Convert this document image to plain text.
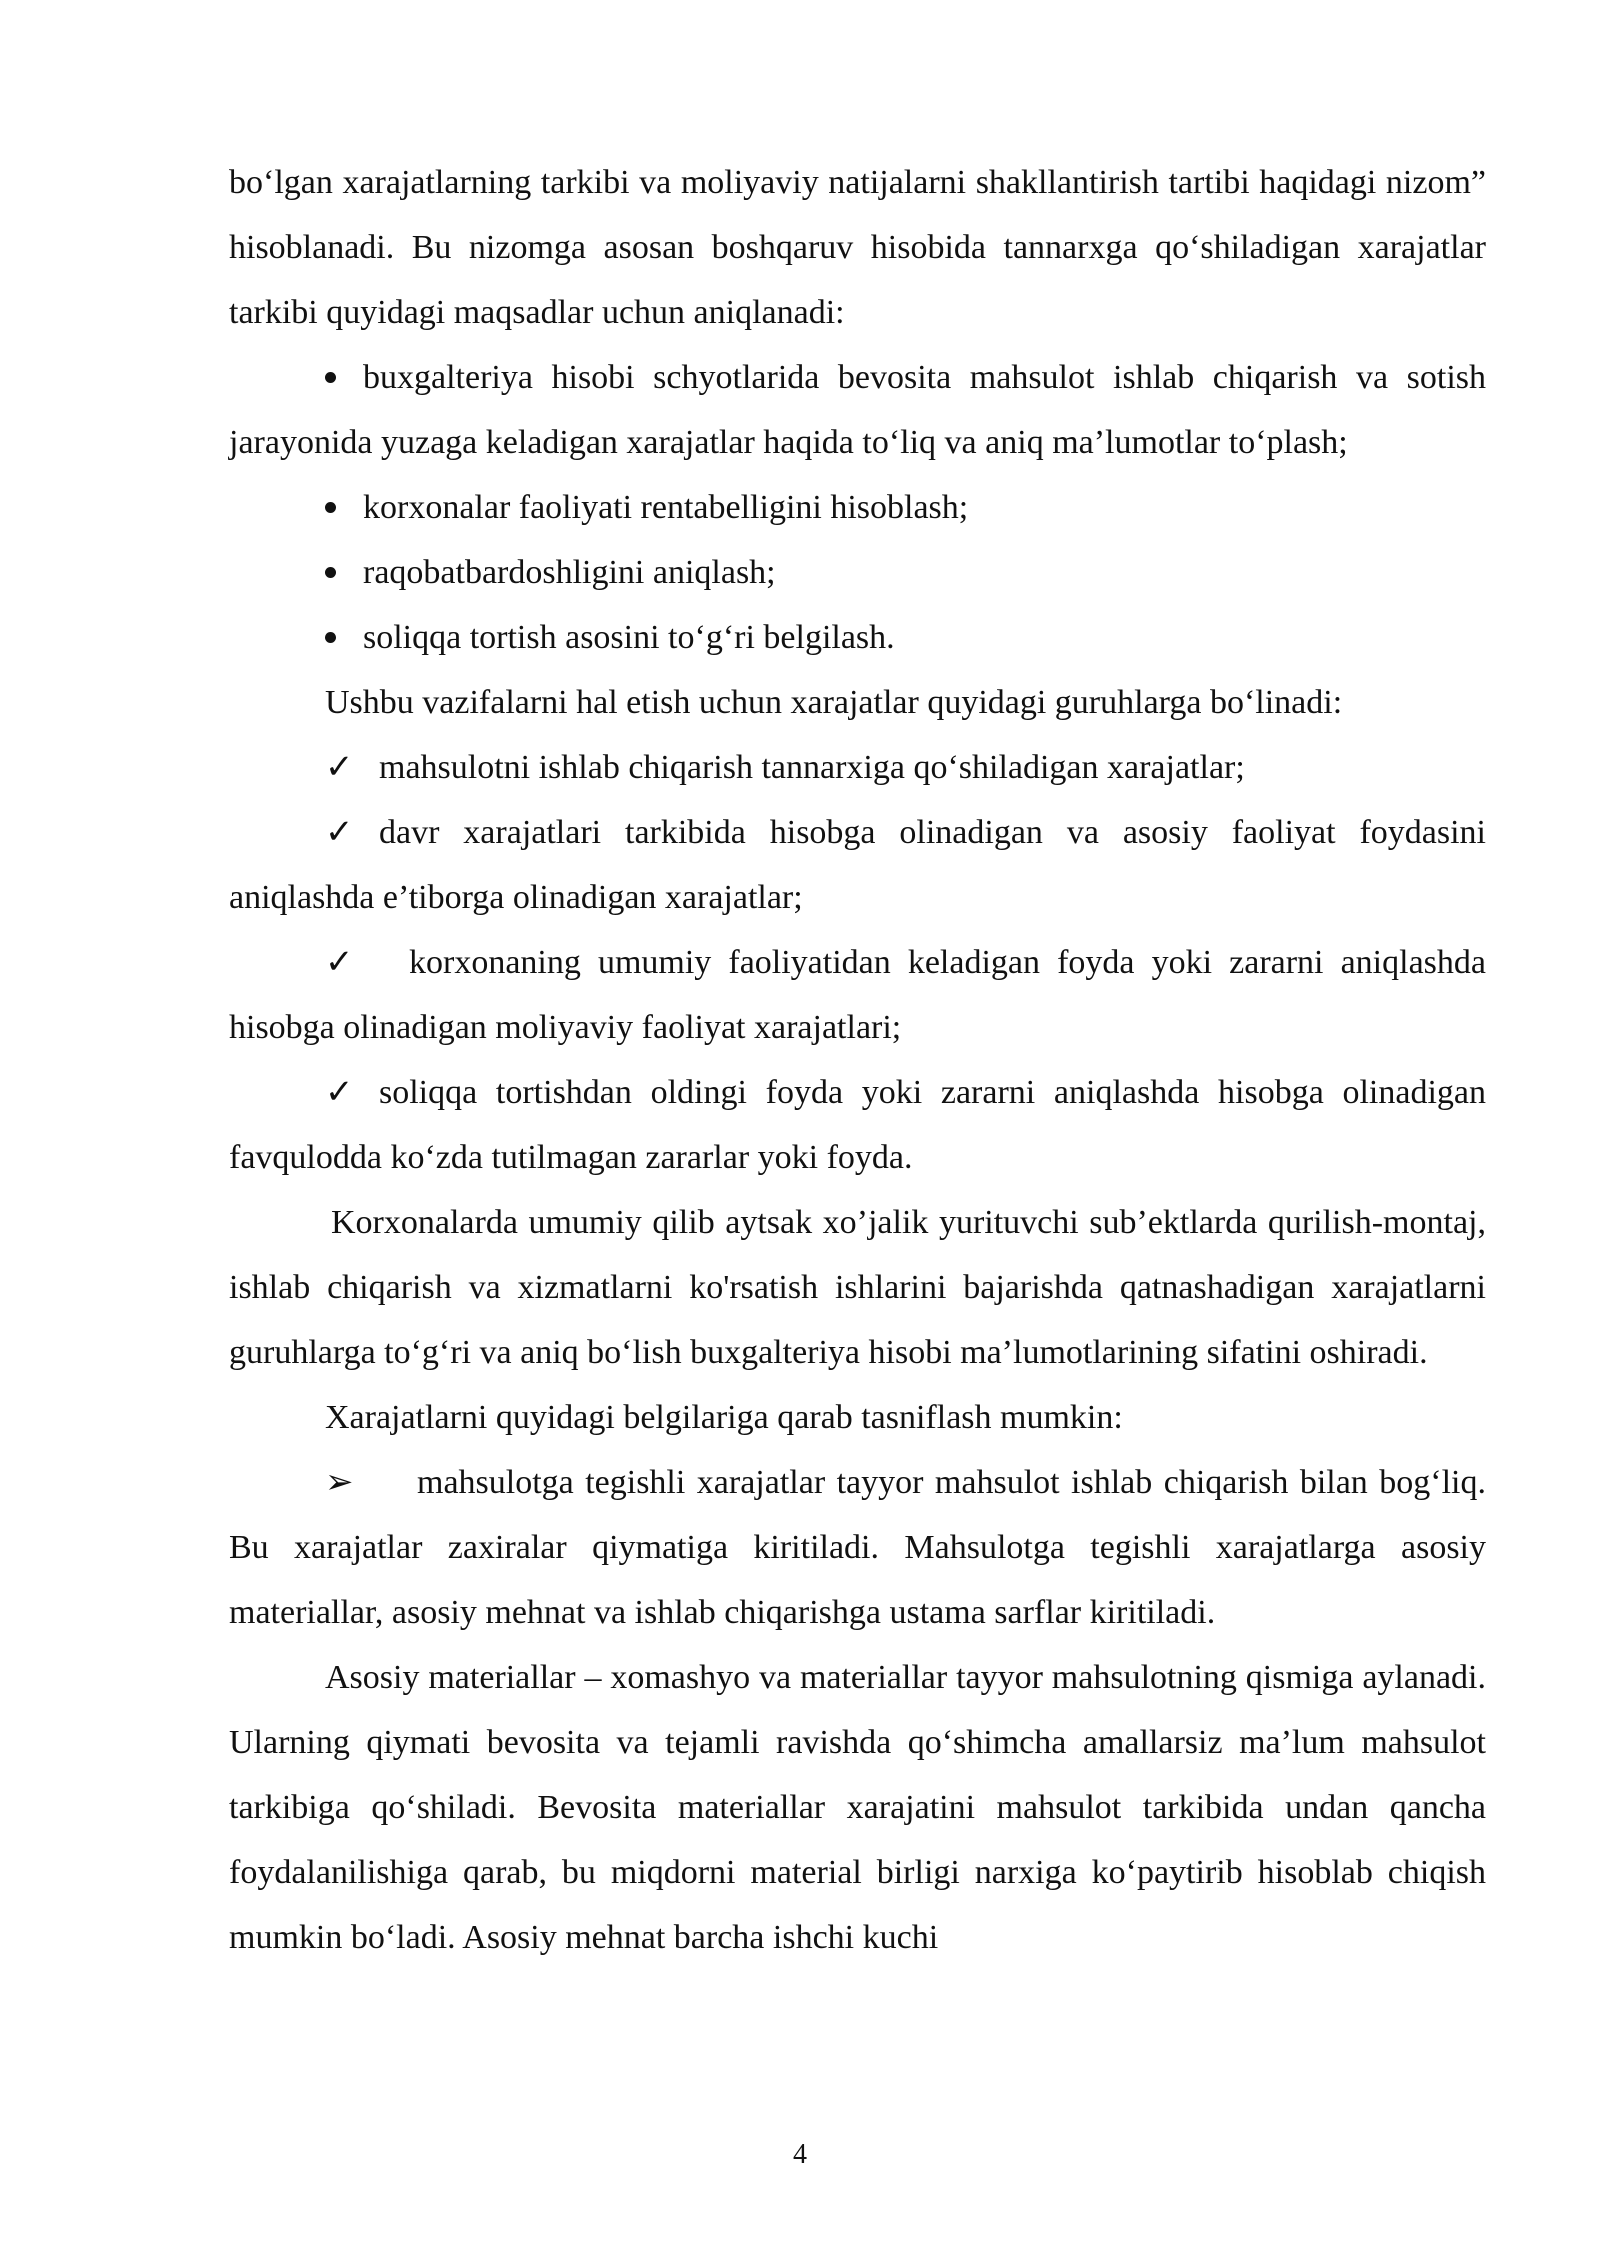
bo‘lgan xarajatlarning tarkibi va moliyaviy natijalarni shakllantirish tartibi haqidagi nizom” hisoblanadi. Bu nizomga asosan boshqaruv hisobida tannarxga qo‘shiladigan xarajatlar tarkibi quyidagi maqsadlar uchun aniqlanadi:

buxgalteriya hisobi schyotlarida bevosita mahsulot ishlab chiqarish va sotish jarayonida yuzaga keladigan xarajatlar haqida to‘liq va aniq ma’lumotlar to‘plash;

korxonalar faoliyati rentabelligini hisoblash;

raqobatbardoshligini aniqlash;

soliqqa tortish asosini to‘g‘ri belgilash.

Ushbu vazifalarni hal etish uchun xarajatlar quyidagi guruhlarga bo‘linadi:

✓ mahsulotni ishlab chiqarish tannarxiga qo‘shiladigan xarajatlar;

✓ davr xarajatlari tarkibida hisobga olinadigan va asosiy faoliyat foydasini aniqlashda e’tiborga olinadigan xarajatlar;

✓ korxonaning umumiy faoliyatidan keladigan foyda yoki zararni aniqlashda hisobga olinadigan moliyaviy faoliyat xarajatlari;

✓ soliqqa tortishdan oldingi foyda yoki zararni aniqlashda hisobga olinadigan favqulodda ko‘zda tutilmagan zararlar yoki foyda.

Korxonalarda umumiy qilib aytsak xo’jalik yurituvchi sub’ektlarda qurilish-montaj, ishlab chiqarish va xizmatlarni ko'rsatish ishlarini bajarishda qatnashadigan xarajatlarni guruhlarga to‘g‘ri va aniq bo‘lish buxgalteriya hisobi ma’lumotlarining sifatini oshiradi.

Xarajatlarni quyidagi belgilariga qarab tasniflash mumkin:

➢ mahsulotga tegishli xarajatlar tayyor mahsulot ishlab chiqarish bilan bog‘liq. Bu xarajatlar zaxiralar qiymatiga kiritiladi. Mahsulotga tegishli xarajatlarga asosiy materiallar, asosiy mehnat va ishlab chiqarishga ustama sarflar kiritiladi.

Asosiy materiallar – xomashyo va materiallar tayyor mahsulotning qismiga aylanadi. Ularning qiymati bevosita va tejamli ravishda qo‘shimcha amallarsiz ma’lum mahsulot tarkibiga qo‘shiladi. Bevosita materiallar xarajatini mahsulot tarkibida undan qancha foydalanilishiga qarab, bu miqdorni material birligi narxiga ko‘paytirib hisoblab chiqish mumkin bo‘ladi. Asosiy mehnat barcha ishchi kuchi

4
